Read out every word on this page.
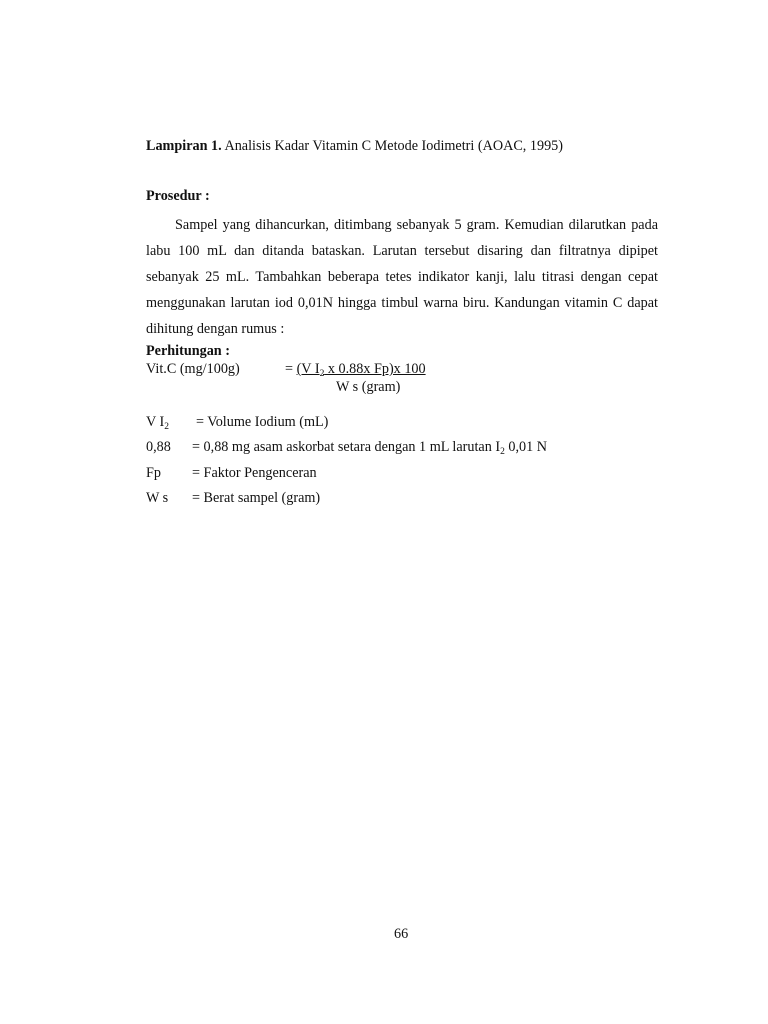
Lampiran 1. Analisis Kadar Vitamin C Metode Iodimetri (AOAC, 1995)
Prosedur :
Sampel yang dihancurkan, ditimbang sebanyak 5 gram. Kemudian dilarutkan pada labu 100 mL dan ditanda bataskan. Larutan tersebut disaring dan filtratnya dipipet sebanyak 25 mL. Tambahkan beberapa tetes indikator kanji, lalu titrasi dengan cepat menggunakan larutan iod 0,01N hingga timbul warna biru. Kandungan vitamin C dapat dihitung dengan rumus :
Perhitungan :
Vit.C (mg/100g)	= (V $I_2$ x 0.88x Fp)x 100
W s (gram)
V $I_2$ = Volume Iodium (mL)
0,88 = 0,88 mg asam askorbat setara dengan 1 mL larutan $I_2$ 0,01 N
Fp = Faktor Pengenceran
W s = Berat sampel (gram)
66
